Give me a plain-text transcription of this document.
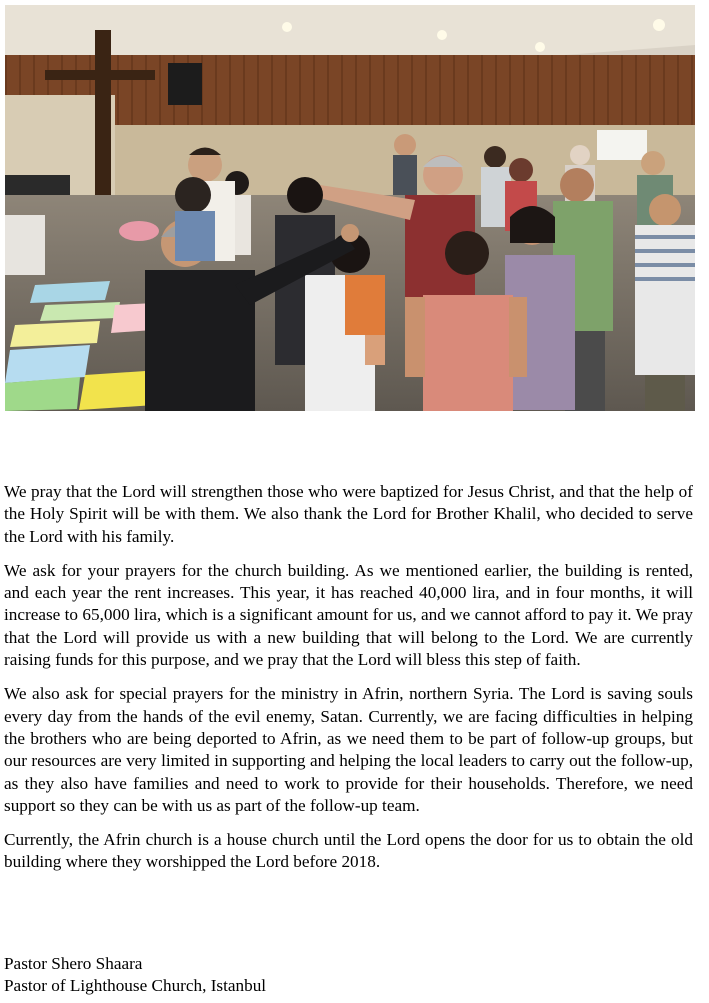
We pray that the Lord will strengthen those who were baptized for Jesus Christ, and that the help of the Holy Spirit will be with them. We also thank the Lord for Brother Khalil, who decided to serve the Lord with his family.

We ask for your prayers for the church building. As we mentioned earlier, the building is rented, and each year the rent increases. This year, it has reached 40,000 lira, and in four months, it will increase to 65,000 lira, which is a significant amount for us, and we cannot afford to pay it. We pray that the Lord will provide us with a new building that will belong to the Lord. We are currently raising funds for this purpose, and we pray that the Lord will bless this step of faith.

We also ask for special prayers for the ministry in Afrin, northern Syria. The Lord is saving souls every day from the hands of the evil enemy, Satan. Currently, we are facing difficulties in helping the brothers who are being deported to Afrin, as we need them to be part of follow-up groups, but our resources are very limited in supporting and helping the local leaders to carry out the follow-up, as they also have families and need to work to provide for their households. Therefore, we need support so they can be with us as part of the follow-up team.

Currently, the Afrin church is a house church until the Lord opens the door for us to obtain the old building where they worshipped the Lord before 2018.

Pastor Shero Shaara
Pastor of Lighthouse Church, Istanbul
